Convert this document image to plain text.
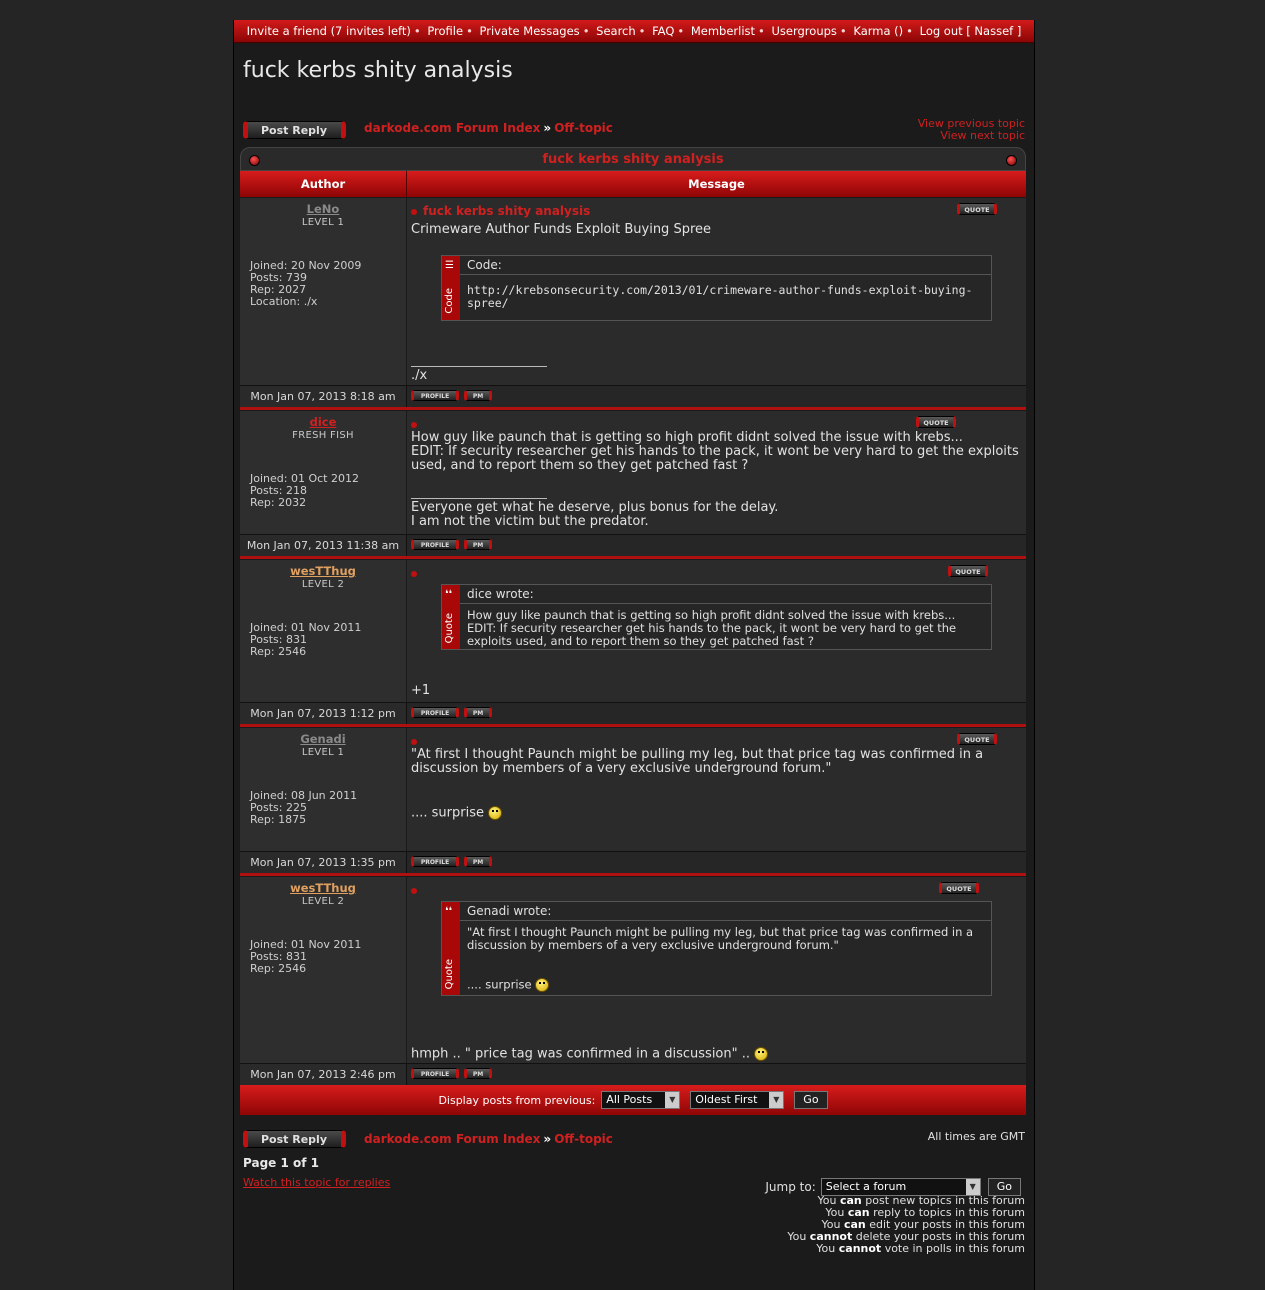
Invite a friend (7 invites left) • Profile • Private Messages • Search • FAQ • Memberlist • Usergroups • Karma () • Log out [ Nassef ]
fuck kerbs shity analysis
Post Reply	darkode.com Forum Index » Off-topic	View previous topic
View next topic
fuck kerbs shity analysis
Author	Message
LeNo
LEVEL 1
Joined: 20 Nov 2009
Posts: 739
Rep: 2027
Location: ./x
fuck kerbs shity analysis	QUOTE
Crimeware Author Funds Exploit Buying Spree
☰
Code
Code:
http://krebsonsecurity.com/2013/01/crimeware-author-funds-exploit-buying-spree/
./x
Mon Jan 07, 2013 8:18 am	PROFILE	PM
dice
FRESH FISH
Joined: 01 Oct 2012
Posts: 218
Rep: 2032
QUOTE
How guy like paunch that is getting so high profit didnt solved the issue with krebs...
EDIT: If security researcher get his hands to the pack, it wont be very hard to get the exploits
used, and to report them so they get patched fast ?
Everyone get what he deserve, plus bonus for the delay.
I am not the victim but the predator.
Mon Jan 07, 2013 11:38 am	PROFILE	PM
wesTThug
LEVEL 2
Joined: 01 Nov 2011
Posts: 831
Rep: 2546
QUOTE
❛❛
Quote
dice wrote:
How guy like paunch that is getting so high profit didnt solved the issue with krebs...
EDIT: If security researcher get his hands to the pack, it wont be very hard to get the
exploits used, and to report them so they get patched fast ?
+1
Mon Jan 07, 2013 1:12 pm	PROFILE	PM
Genadi
LEVEL 1
Joined: 08 Jun 2011
Posts: 225
Rep: 1875
QUOTE
"At first I thought Paunch might be pulling my leg, but that price tag was confirmed in a
discussion by members of a very exclusive underground forum."
.... surprise
Mon Jan 07, 2013 1:35 pm	PROFILE	PM
wesTThug
LEVEL 2
Joined: 01 Nov 2011
Posts: 831
Rep: 2546
QUOTE
❛❛
Quote
Genadi wrote:
"At first I thought Paunch might be pulling my leg, but that price tag was confirmed in a
discussion by members of a very exclusive underground forum."
.... surprise
hmph .. " price tag was confirmed in a discussion" ..
Mon Jan 07, 2013 2:46 pm	PROFILE	PM
Display posts from previous:	All Posts	▼	Oldest First	▼	Go
Post Reply	darkode.com Forum Index » Off-topic	All times are GMT
Page 1 of 1
Watch this topic for replies	Jump to: Select a forum	▼	Go
You can post new topics in this forum
You can reply to topics in this forum
You can edit your posts in this forum
You cannot delete your posts in this forum
You cannot vote in polls in this forum
